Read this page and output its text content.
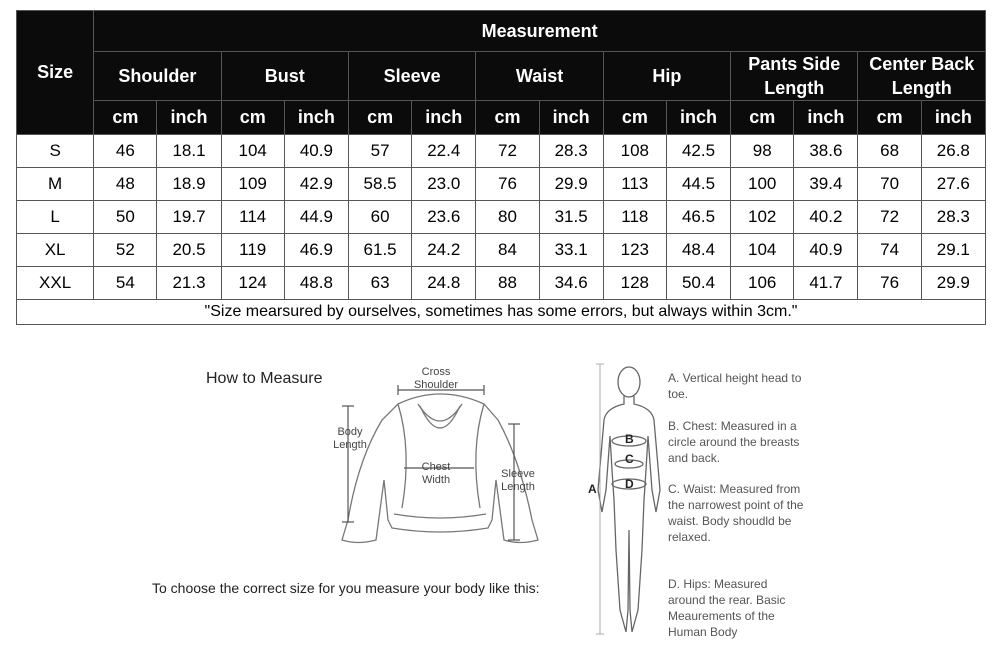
Size	Measurement													
	Shoulder		Bust		Sleeve		Waist		Hip		Pants Side Length		Center Back Length	
	cm	inch	cm	inch	cm	inch	cm	inch	cm	inch	cm	inch	cm	inch
S	46	18.1	104	40.9	57	22.4	72	28.3	108	42.5	98	38.6	68	26.8
M	48	18.9	109	42.9	58.5	23.0	76	29.9	113	44.5	100	39.4	70	27.6
L	50	19.7	114	44.9	60	23.6	80	31.5	118	46.5	102	40.2	72	28.3
XL	52	20.5	119	46.9	61.5	24.2	84	33.1	123	48.4	104	40.9	74	29.1
XXL	54	21.3	124	48.8	63	24.8	88	34.6	128	50.4	106	41.7	76	29.9
"Size mearsured by ourselves, sometimes has some errors, but always within 3cm."														
How to Measure	Cross Shoulder
Body Length
Chest Width	Sleeve Length	A
B
C
D
A. Vertical height head to toe.
B. Chest: Measured in a circle around the breasts and back.
C. Waist: Measured from the narrowest point of the waist. Body shoudld be relaxed.
D. Hips: Measured around the rear. Basic Meaurements of the Human Body
To choose the correct size for you measure your body like this:
